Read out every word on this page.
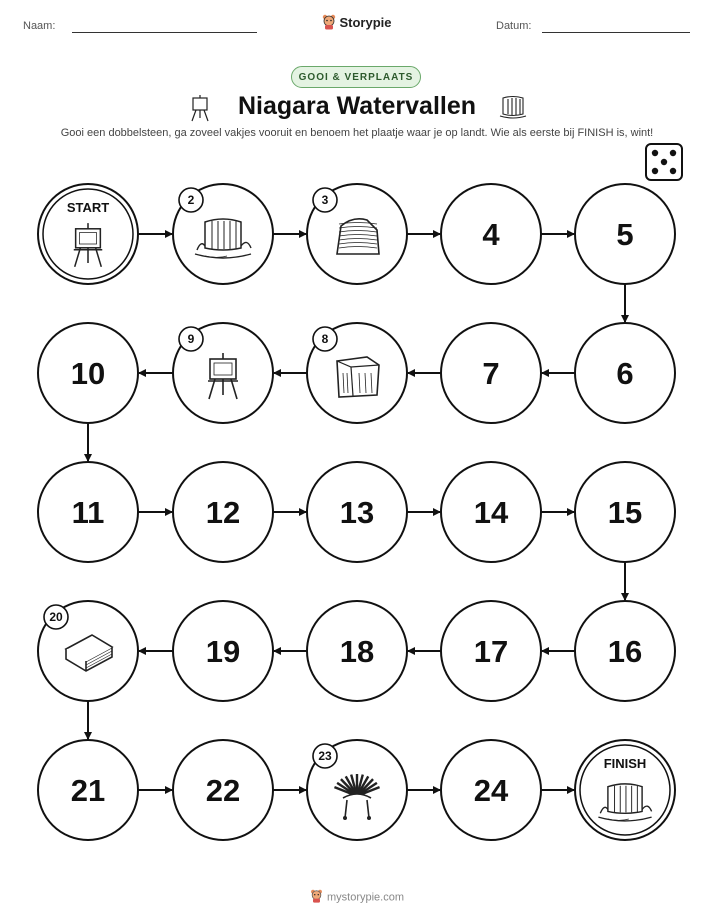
Naam:	Storypie	Datum:
GOOI & VERPLAATS
Niagara Watervallen
Gooi een dobbelsteen, ga zoveel vakjes vooruit en benoem het plaatje waar je op landt. Wie als eerste bij FINISH is, wint!
START	2	3
4	5
6
7
8
9
10
11	12	13	14	15
16
17
18
19
20
21	22
23
24
FINISH
mystorypie.com
